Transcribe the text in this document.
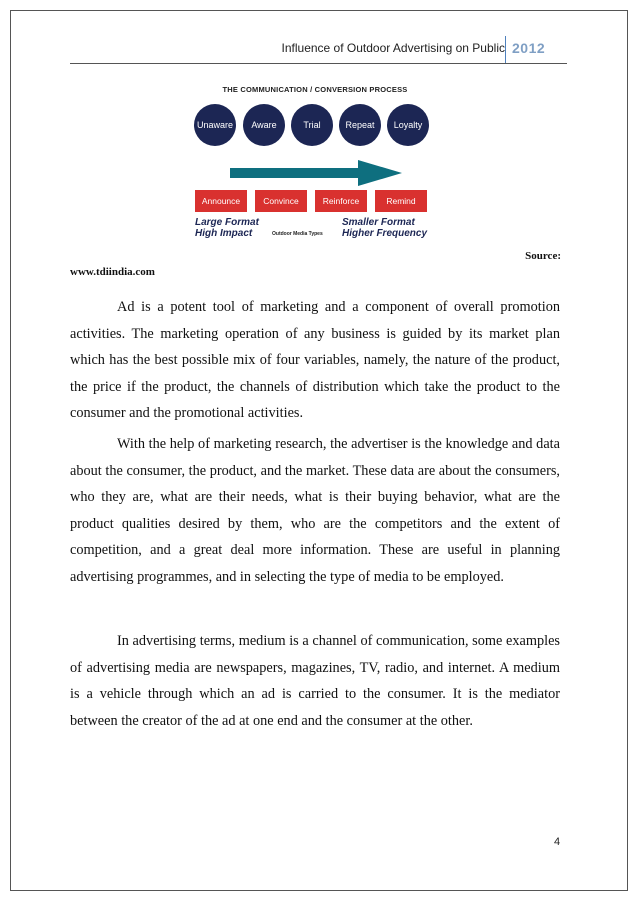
Influence of Outdoor Advertising on Public 2012
THE COMMUNICATION / CONVERSION PROCESS
Unaware	Aware	Trial	Repeat	Loyalty
Announce	Convince	Reinforce	Remind
Large Format
High Impact	Outdoor Media Types
Smaller Format
Higher Frequency
Source:
www.tdiindia.com

Ad is a potent tool of marketing and a component of overall promotion activities. The marketing operation of any business is guided by its market plan which has the best possible mix of four variables, namely, the nature of the product, the price if the product, the channels of distribution which take the product to the consumer and the promotional activities.

With the help of marketing research, the advertiser is the knowledge and data about the consumer, the product, and the market. These data are about the consumers, who they are, what are their needs, what is their buying behavior, what are the product qualities desired by them, who are the competitors and the extent of competition, and a great deal more information. These are useful in planning advertising programmes, and in selecting the type of media to be employed.

In advertising terms, medium is a channel of communication, some examples of advertising media are newspapers, magazines, TV, radio, and internet. A medium is a vehicle through which an ad is carried to the consumer. It is the mediator between the creator of the ad at one end and the consumer at the other.

4
